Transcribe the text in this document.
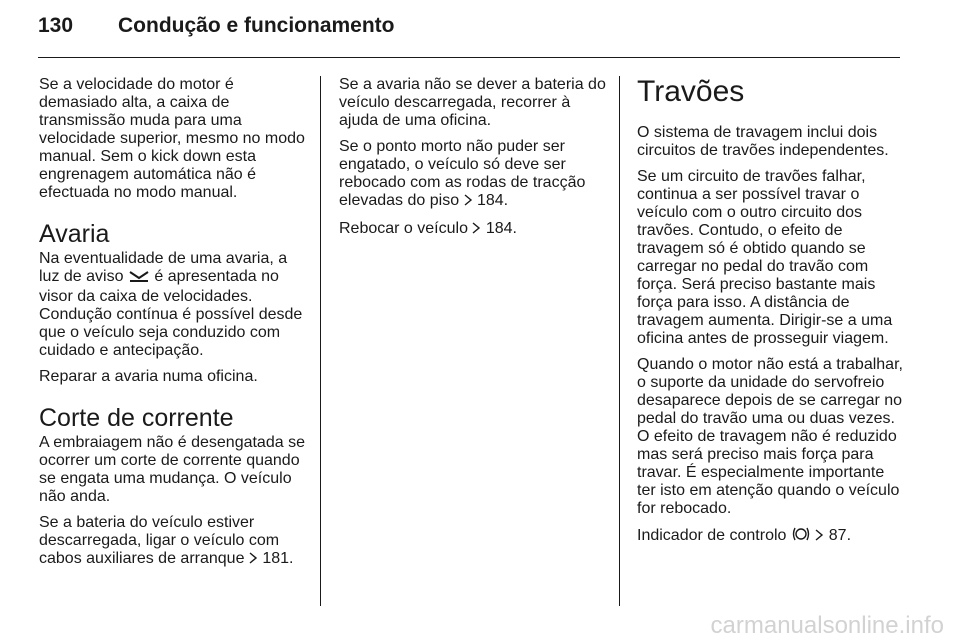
130 Condução e funcionamento

Se a velocidade do motor é
demasiado alta, a caixa de
transmissão muda para uma
velocidade superior, mesmo no modo
manual. Sem o kick down esta
engrenagem automática não é
efectuada no modo manual.

Avaria

Na eventualidade de uma avaria, a
luz de aviso  é apresentada no
visor da caixa de velocidades.
Condução contínua é possível desde
que o veículo seja conduzido com
cuidado e antecipação.

Reparar a avaria numa oficina.

Corte de corrente

A embraiagem não é desengatada se
ocorrer um corte de corrente quando
se engata uma mudança. O veículo
não anda.

Se a bateria do veículo estiver
descarregada, ligar o veículo com
cabos auxiliares de arranque  181.

Se a avaria não se dever a bateria do
veículo descarregada, recorrer à
ajuda de uma oficina.

Se o ponto morto não puder ser
engatado, o veículo só deve ser
rebocado com as rodas de tracção
elevadas do piso  184.

Rebocar o veículo  184.

Travões

O sistema de travagem inclui dois
circuitos de travões independentes.

Se um circuito de travões falhar,
continua a ser possível travar o
veículo com o outro circuito dos
travões. Contudo, o efeito de
travagem só é obtido quando se
carregar no pedal do travão com
força. Será preciso bastante mais
força para isso. A distância de
travagem aumenta. Dirigir-se a uma
oficina antes de prosseguir viagem.

Quando o motor não está a trabalhar,
o suporte da unidade do servofreio
desaparece depois de se carregar no
pedal do travão uma ou duas vezes.
O efeito de travagem não é reduzido
mas será preciso mais força para
travar. É especialmente importante
ter isto em atenção quando o veículo
for rebocado.

Indicador de controlo   87.

carmanualsonline.info
